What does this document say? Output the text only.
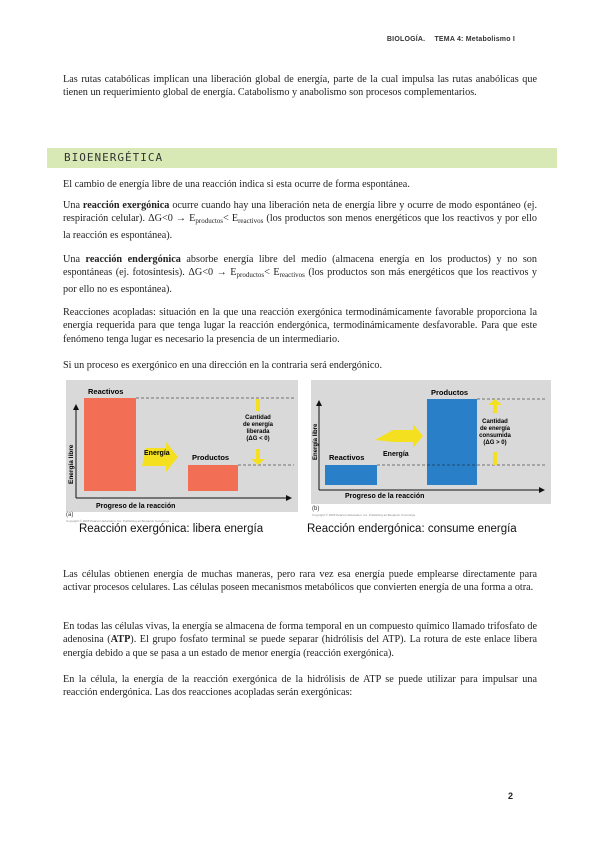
BIOLOGÍA. TEMA 4: Metabolismo I
Las rutas catabólicas implican una liberación global de energía, parte de la cual impulsa las rutas anabólicas que tienen un requerimiento global de energía. Catabolismo y anabolismo son procesos complementarios.
BIOENERGÉTICA
El cambio de energía libre de una reacción indica si esta ocurre de forma espontánea.
Una reacción exergónica ocurre cuando hay una liberación neta de energía libre y ocurre de modo espontáneo (ej. respiración celular). $\Delta G<0 \to E_{productos}< E_{reactivos}$ (los productos son menos energéticos que los reactivos y por ello la reacción es espontánea).
Una reacción endergónica absorbe energía libre del medio (almacena energía en los productos) y no son espontáneas (ej. fotosíntesis). $\Delta G<0 \to E_{productos}< E_{reactivos}$ (los productos son más energéticos que los reactivos y por ello no es espontánea).
Reacciones acopladas: situación en la que una reacción exergónica termodinámicamente favorable proporciona la energía requerida para que tenga lugar la reacción endergónica, termodinámicamente desfavorable. Para que este fenómeno tenga lugar es necesario la presencia de un intermediario.
Si un proceso es exergónico en una dirección en la contraria será endergónico.
Reactivos
Energía	Productos
Energía libre
Progreso de la reacción
Cantidad
de energía
liberada
(ΔG < 0)
(a)
Copyright © 2005 Pearson Education, Inc. Publishing as Benjamin Cummings
Reacción exergónica: libera energía
Productos
Reactivos	Energía
Energía libre
Progreso de la reacción
Cantidad
de energía
consumida
(ΔG > 0)
(b)
Copyright © 2005 Pearson Education, Inc. Publishing as Benjamin Cummings
Reacción endergónica: consume energía
Las células obtienen energía de muchas maneras, pero rara vez esa energía puede emplearse directamente para activar procesos celulares. Las células poseen mecanismos metabólicos que convierten energía de una forma a otra.
En todas las células vivas, la energía se almacena de forma temporal en un compuesto químico llamado trifosfato de adenosina (ATP). El grupo fosfato terminal se puede separar (hidrólisis del ATP). La rotura de este enlace libera energía debido a que se pasa a un estado de menor energía (reacción exergónica).
En la célula, la energía de la reacción exergónica de la hidrólisis de ATP se puede utilizar para impulsar una reacción endergónica. Las dos reacciones acopladas serán exergónicas:
2
